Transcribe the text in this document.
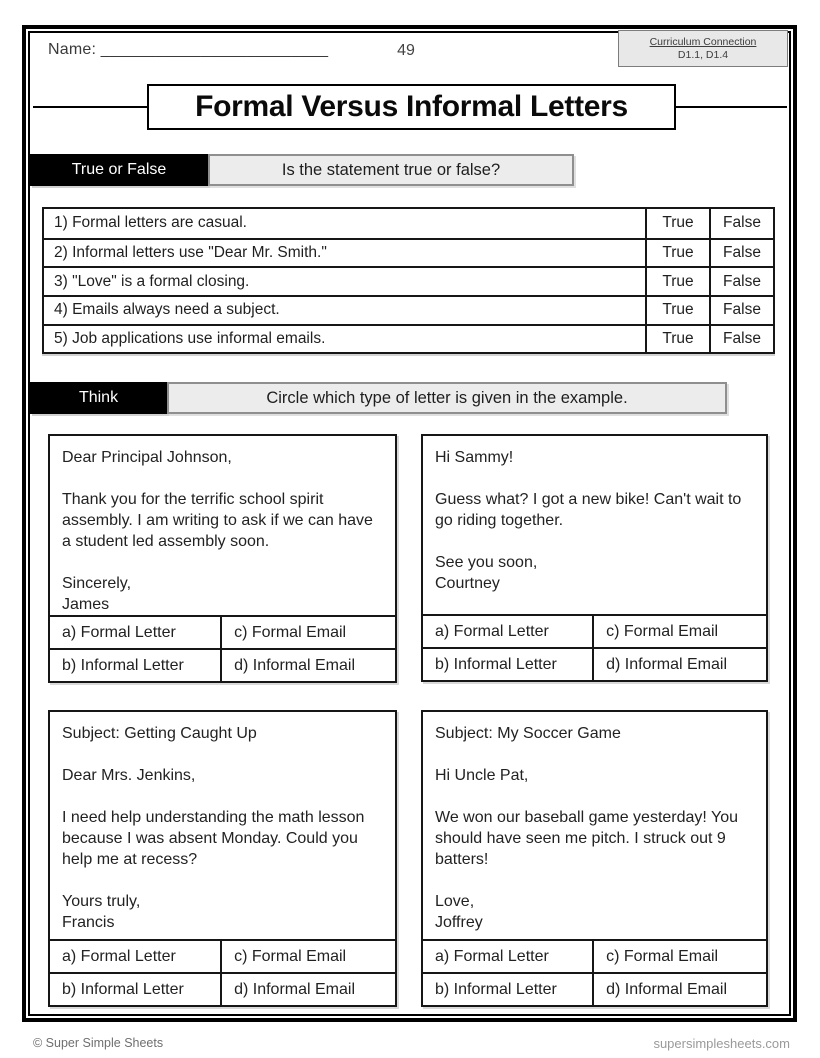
Name: _________________________	49
Curriculum Connection
D1.1, D1.4
Formal Versus Informal Letters
True or False	Is the statement true or false?
1) Formal letters are casual.	True	False
2) Informal letters use "Dear Mr. Smith."	True	False
3) "Love" is a formal closing.	True	False
4) Emails always need a subject.	True	False
5) Job applications use informal emails.	True	False
Think	Circle which type of letter is given in the example.

Dear Principal Johnson,

Thank you for the terrific school spirit assembly. I am writing to ask if we can have a student led assembly soon.

Sincerely,
James

a) Formal Letter	c) Formal Email
b) Informal Letter	d) Informal Email

Hi Sammy!

Guess what? I got a new bike! Can't wait to go riding together.

See you soon,
Courtney

a) Formal Letter	c) Formal Email
b) Informal Letter	d) Informal Email

Subject: Getting Caught Up

Dear Mrs. Jenkins,

I need help understanding the math lesson because I was absent Monday. Could you help me at recess?

Yours truly,
Francis

a) Formal Letter	c) Formal Email
b) Informal Letter	d) Informal Email

Subject: My Soccer Game

Hi Uncle Pat,

We won our baseball game yesterday! You should have seen me pitch. I struck out 9 batters!

Love,
Joffrey

a) Formal Letter	c) Formal Email
b) Informal Letter	d) Informal Email
© Super Simple Sheets	supersimplesheets.com
